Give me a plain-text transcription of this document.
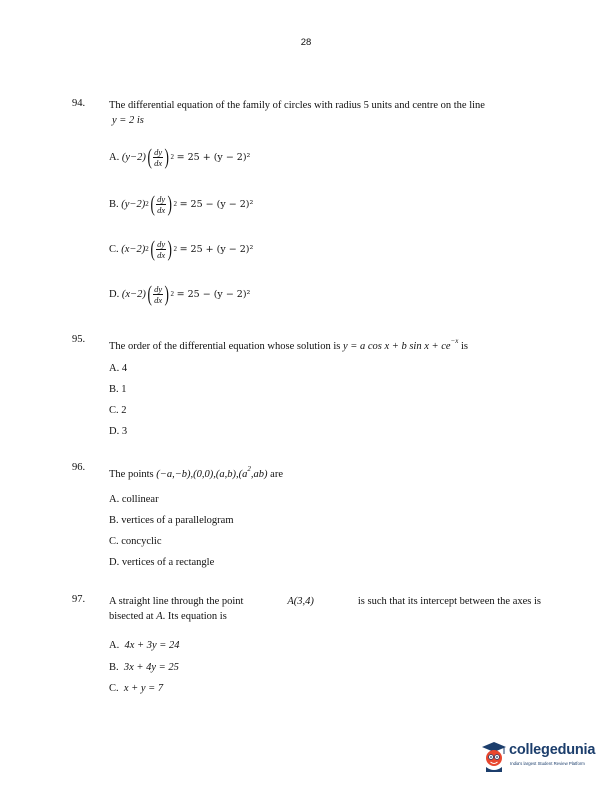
28
94. The differential equation of the family of circles with radius 5 units and centre on the line
y = 2 is
A.
(y−2) ( $\frac{dy}{dx}$ ) 2
= 25 + (y − 2)²
B.
(y−2) 2 ( $\frac{dy}{dx}$ ) 2
= 25 − (y − 2)²
C.
(x−2) 2 ( $\frac{dy}{dx}$ ) 2
= 25 + (y − 2)²
D.
(x−2) ( $\frac{dy}{dx}$ ) 2
= 25 − (y − 2)²
95.
The order of the differential equation whose solution is y = a cos x + b $\sin x + ce^{-x}$ is
A. 4
B. 1
C. 2
D. 3
96.
The points $(-a,-b),(0,0),(a,b),(a^2,ab)$ are
A. collinear
B. vertices of a parallelogram
C. concyclic
D. vertices of a rectangle
97. A straight line through the point	A(3,4)	is such that its intercept between the axes is
bisected at A. Its equation is
A. 4x + 3y = 24
B. 3x + 4y = 25
C. x + y = 7
collegedunia
India's largest Student Review Platform
